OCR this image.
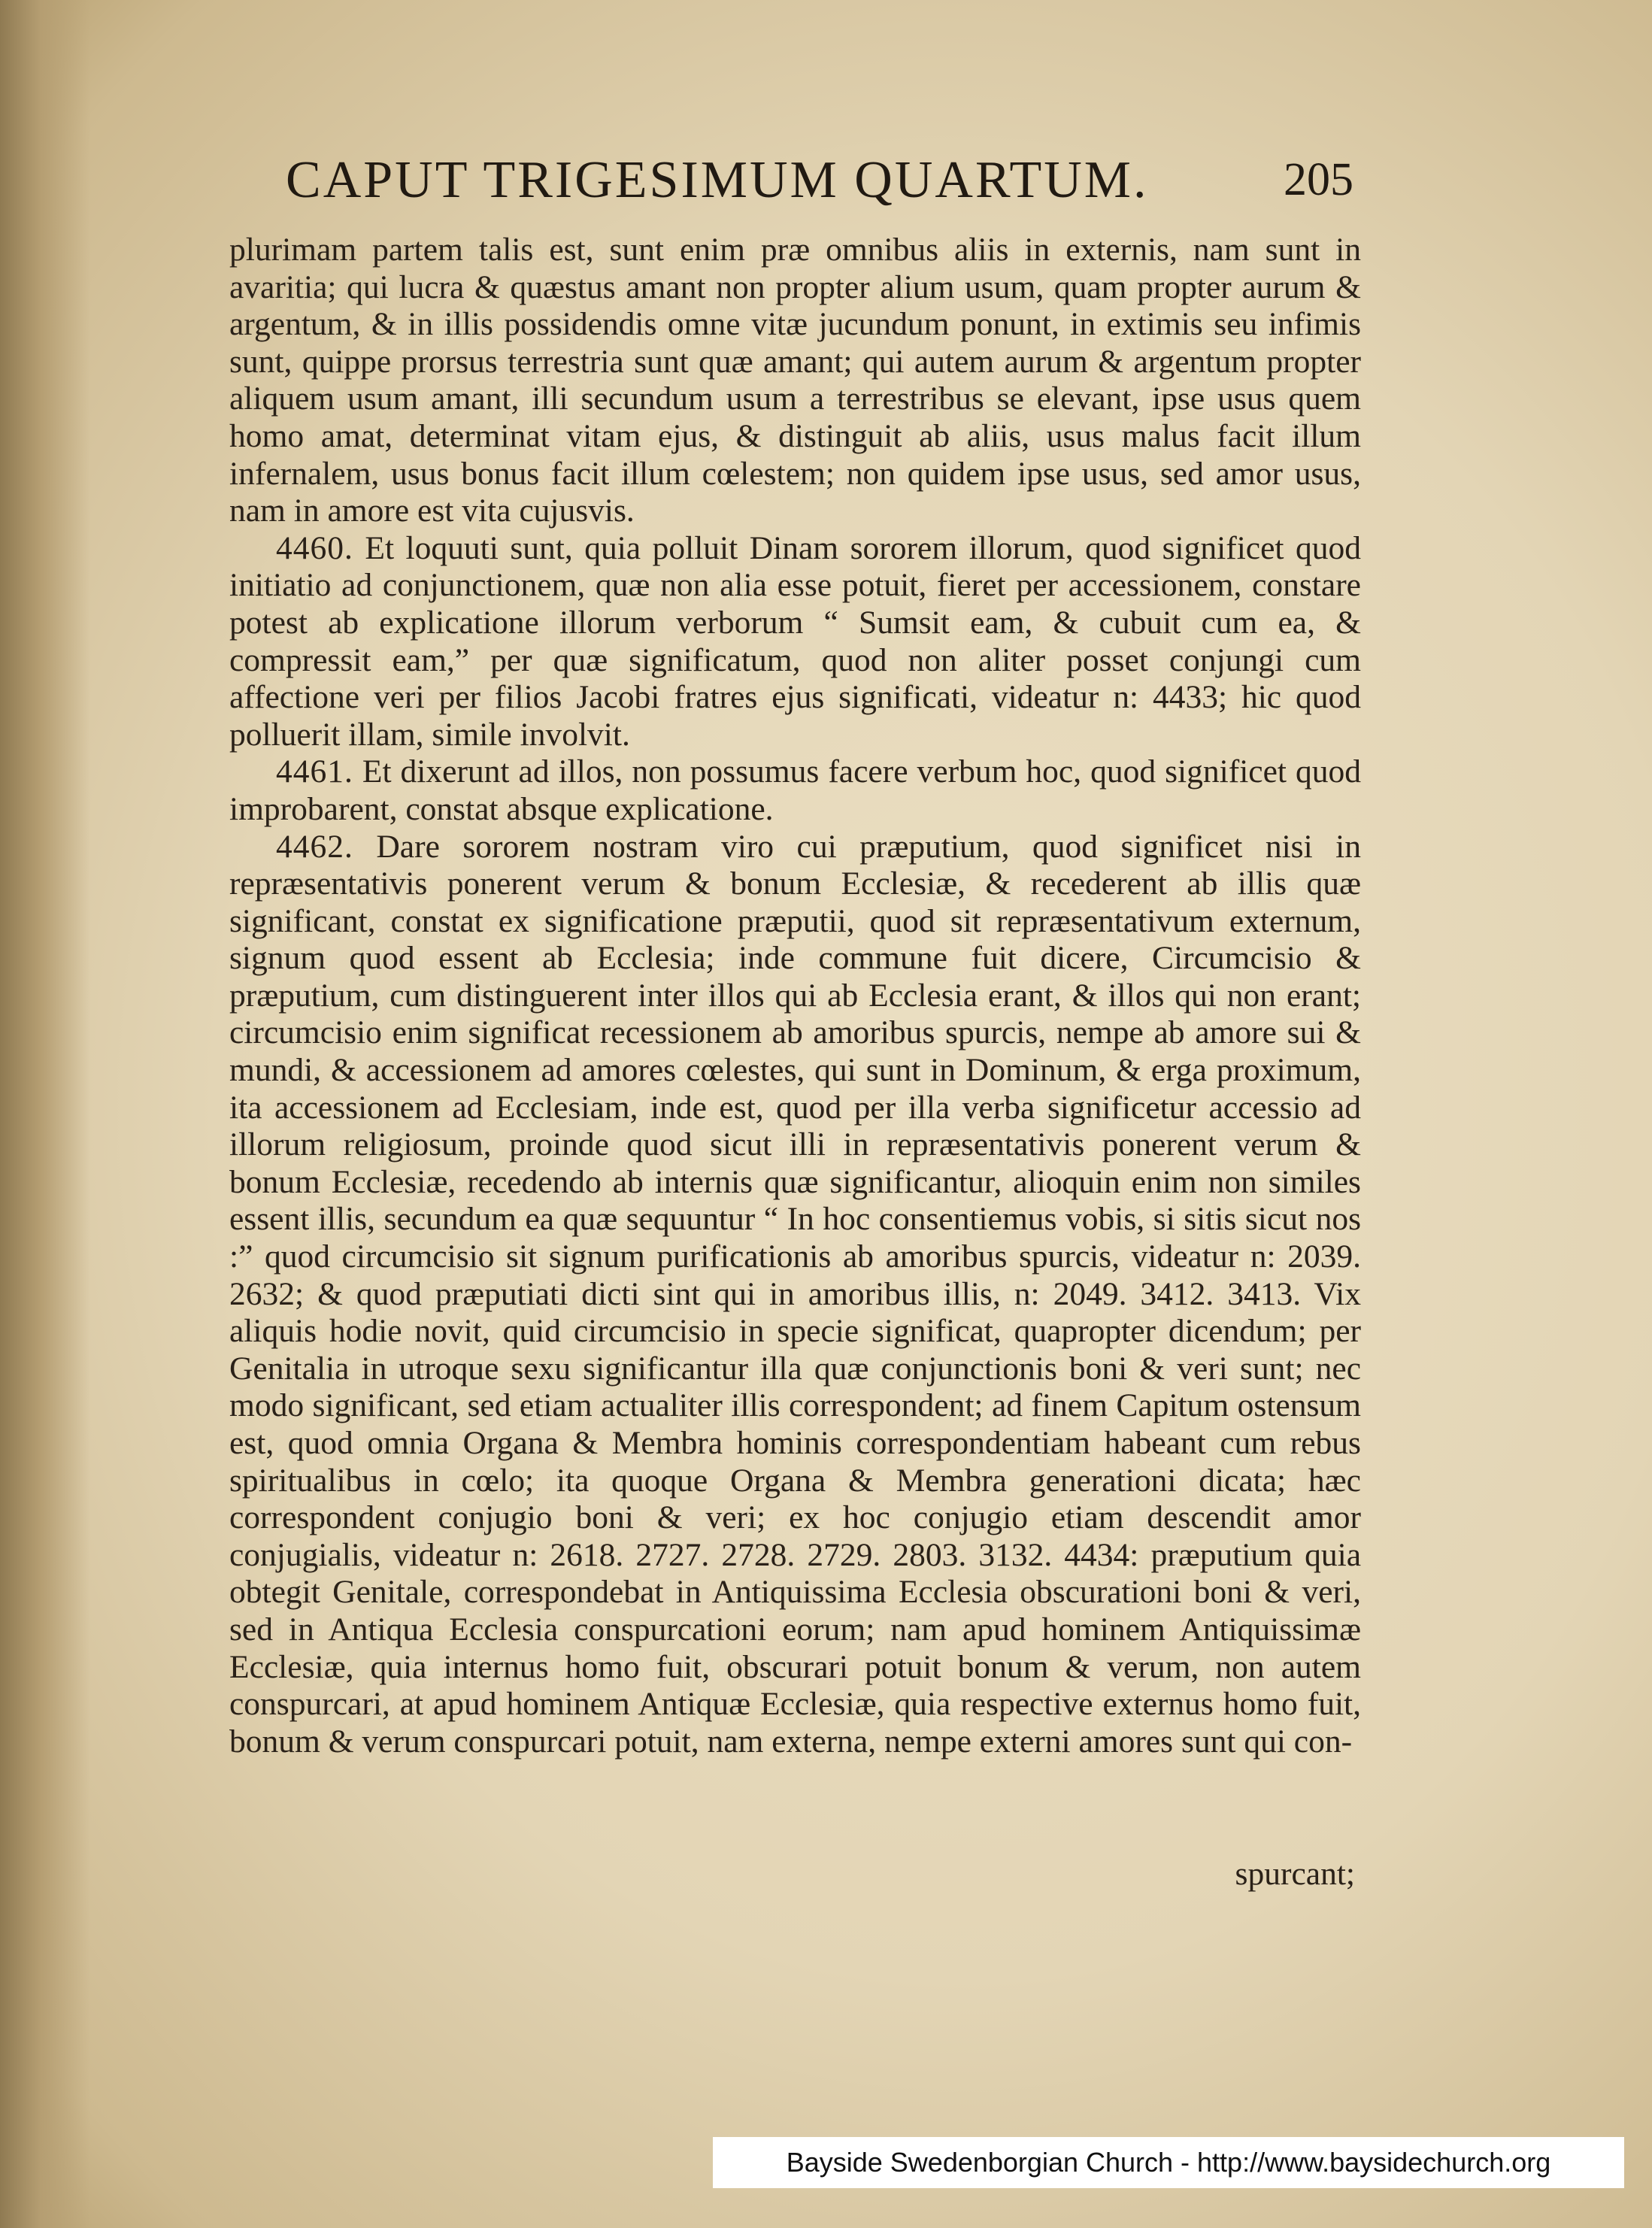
CAPUT TRIGESIMUM QUARTUM.	205

plurimam partem talis est, sunt enim præ omnibus aliis in externis, nam sunt in avaritia; qui lucra & quæstus amant non propter alium usum, quam propter aurum & argentum, & in illis possidendis omne vitæ jucundum ponunt, in extimis seu infimis sunt, quippe prorsus terrestria sunt quæ amant; qui autem aurum & argentum propter aliquem usum amant, illi secundum usum a terrestribus se elevant, ipse usus quem homo amat, determinat vitam ejus, & distinguit ab aliis, usus malus facit illum infernalem, usus bonus facit illum cœlestem; non quidem ipse usus, sed amor usus, nam in amore est vita cujusvis.

4460. Et loquuti sunt, quia polluit Dinam sororem illorum, quod significet quod initiatio ad conjunctionem, quæ non alia esse potuit, fieret per accessionem, constare potest ab explicatione illorum verborum “ Sumsit eam, & cubuit cum ea, & compressit eam,” per quæ significatum, quod non aliter posset conjungi cum affectione veri per filios Jacobi fratres ejus significati, videatur n: 4433; hic quod polluerit illam, simile involvit.

4461. Et dixerunt ad illos, non possumus facere verbum hoc, quod significet quod improbarent, constat absque explicatione.

4462. Dare sororem nostram viro cui præputium, quod significet nisi in repræsentativis ponerent verum & bonum Ecclesiæ, & recederent ab illis quæ significant, constat ex significatione præputii, quod sit repræsentativum externum, signum quod essent ab Ecclesia; inde commune fuit dicere, Circumcisio & præputium, cum distinguerent inter illos qui ab Ecclesia erant, & illos qui non erant; circumcisio enim significat recessionem ab amoribus spurcis, nempe ab amore sui & mundi, & accessionem ad amores cœlestes, qui sunt in Dominum, & erga proximum, ita accessionem ad Ecclesiam, inde est, quod per illa verba significetur accessio ad illorum religiosum, proinde quod sicut illi in repræsentativis ponerent verum & bonum Ecclesiæ, recedendo ab internis quæ significantur, alioquin enim non similes essent illis, secundum ea quæ sequuntur “ In hoc consentiemus vobis, si sitis sicut nos :” quod circumcisio sit signum purificationis ab amoribus spurcis, videatur n: 2039. 2632; & quod præputiati dicti sint qui in amoribus illis, n: 2049. 3412. 3413. Vix aliquis hodie novit, quid circumcisio in specie significat, quapropter dicendum; per Genitalia in utroque sexu significantur illa quæ conjunctionis boni & veri sunt; nec modo significant, sed etiam actualiter illis correspondent; ad finem Capitum ostensum est, quod omnia Organa & Membra hominis correspondentiam habeant cum rebus spiritualibus in cœlo; ita quoque Organa & Membra generationi dicata; hæc correspondent conjugio boni & veri; ex hoc conjugio etiam descendit amor conjugialis, videatur n: 2618. 2727. 2728. 2729. 2803. 3132. 4434: præputium quia obtegit Genitale, correspondebat in Antiquissima Ecclesia obscurationi boni & veri, sed in Antiqua Ecclesia conspurcationi eorum; nam apud hominem Antiquissimæ Ecclesiæ, quia internus homo fuit, obscurari potuit bonum & verum, non autem conspurcari, at apud hominem Antiquæ Ecclesiæ, quia respective externus homo fuit, bonum & verum conspurcari potuit, nam externa, nempe externi amores sunt qui con-

spurcant;
Bayside Swedenborgian Church - http://www.baysidechurch.org
